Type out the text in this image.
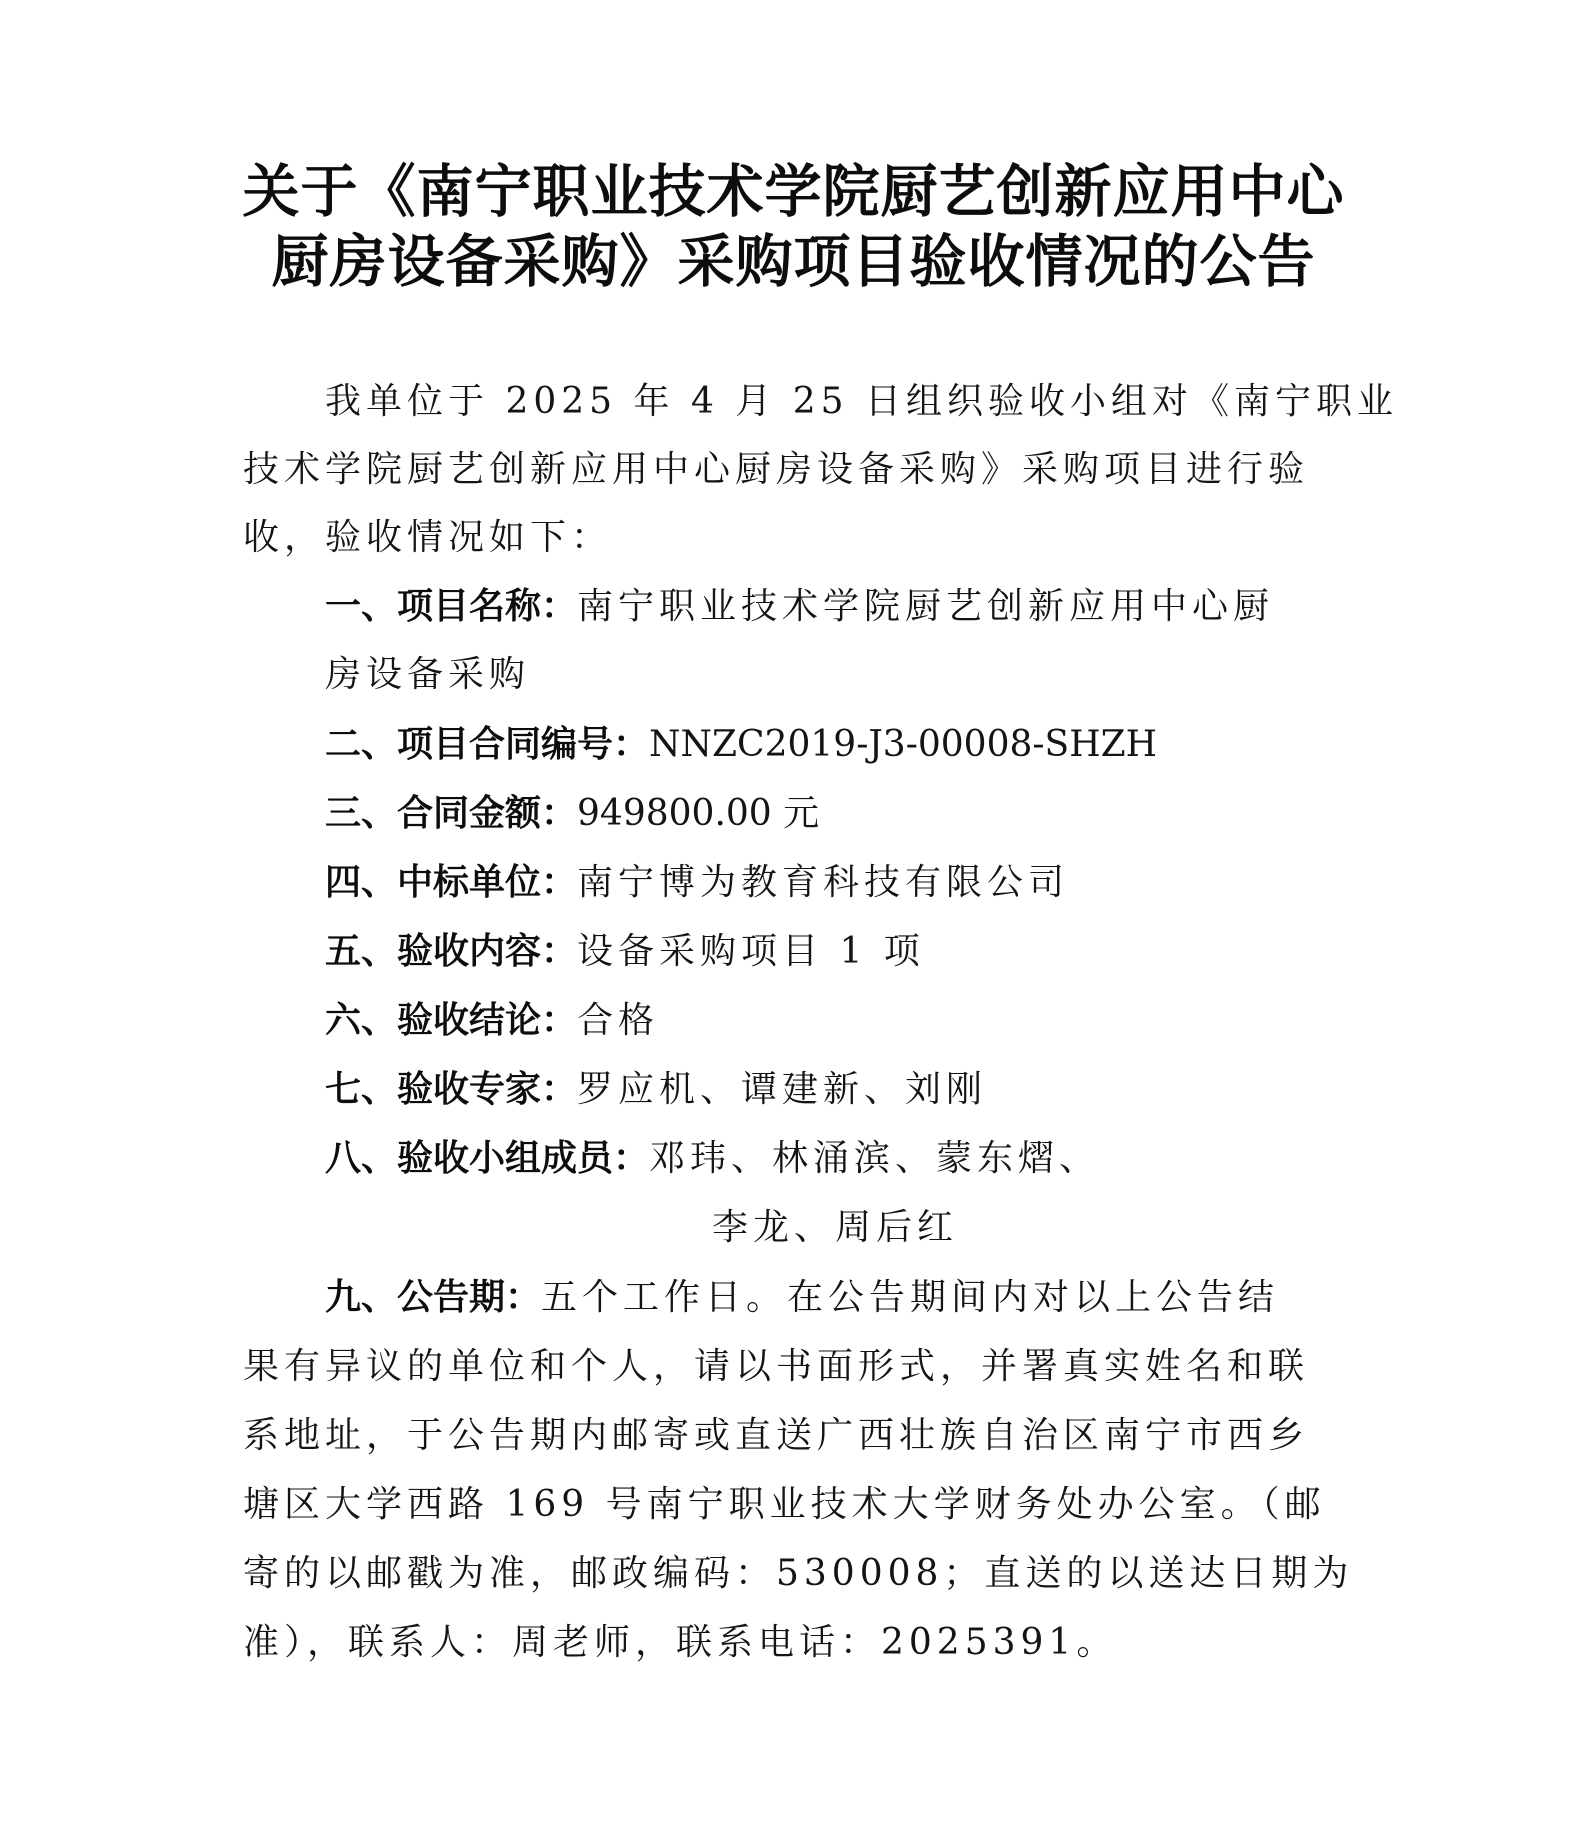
关于《南宁职业技术学院厨艺创新应用中心
厨房设备采购》采购项目验收情况的公告
我单位于 2025 年 4 月 25 日组织验收小组对《南宁职业
技术学院厨艺创新应用中心厨房设备采购》采购项目进行验
收，验收情况如下：
一、项目名称：南宁职业技术学院厨艺创新应用中心厨
房设备采购
二、项目合同编号：NNZC2019-J3-00008-SHZH
三、合同金额：949800.00 元
四、中标单位：南宁博为教育科技有限公司
五、验收内容：设备采购项目 1 项
六、验收结论：合格
七、验收专家：罗应机、谭建新、刘刚
八、验收小组成员：邓玮、林涌滨、蒙东熠、
李龙、周后红
九、公告期：五个工作日。在公告期间内对以上公告结
果有异议的单位和个人，请以书面形式，并署真实姓名和联
系地址，于公告期内邮寄或直送广西壮族自治区南宁市西乡
塘区大学西路 169 号南宁职业技术大学财务处办公室。（邮
寄的以邮戳为准，邮政编码：530008；直送的以送达日期为
准），联系人：周老师，联系电话：2025391。
